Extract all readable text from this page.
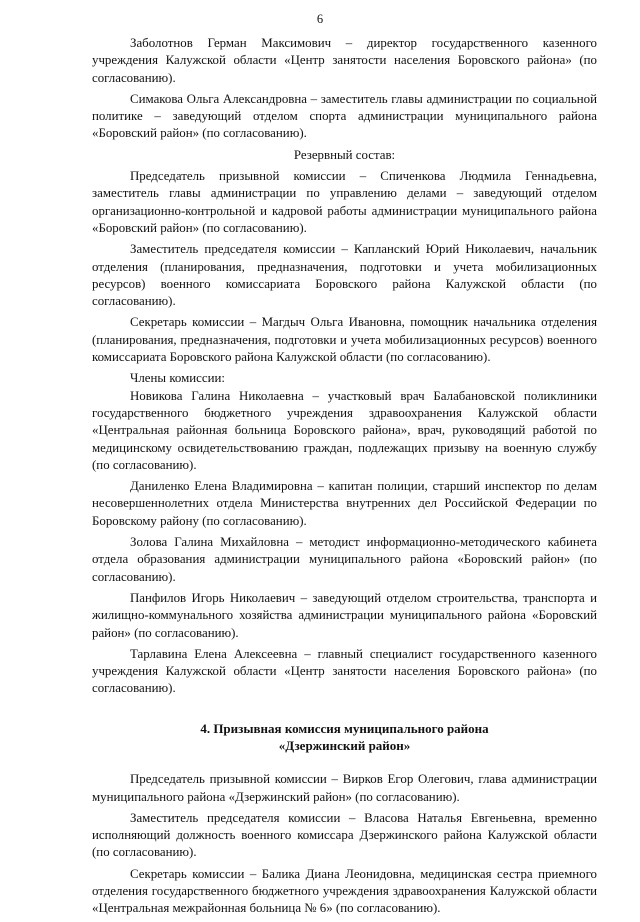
6

Заболотнов Герман Максимович – директор государственного казенного учреждения Калужской области «Центр занятости населения Боровского района» (по согласованию).

Симакова Ольга Александровна – заместитель главы администрации по социальной политике – заведующий отделом спорта администрации муниципального района «Боровский район» (по согласованию).

Резервный состав:

Председатель призывной комиссии – Спиченкова Людмила Геннадьевна, заместитель главы администрации по управлению делами – заведующий отделом организационно-контрольной и кадровой работы администрации муниципального района «Боровский район» (по согласованию).

Заместитель председателя комиссии – Капланский Юрий Николаевич, начальник отделения (планирования, предназначения, подготовки и учета мобилизационных ресурсов) военного комиссариата Боровского района Калужской области (по согласованию).

Секретарь комиссии – Магдыч Ольга Ивановна, помощник начальника отделения (планирования, предназначения, подготовки и учета мобилизационных ресурсов) военного комиссариата Боровского района Калужской области (по согласованию).

Члены комиссии:

Новикова Галина Николаевна – участковый врач Балабановской поликлиники государственного бюджетного учреждения здравоохранения Калужской области «Центральная районная больница Боровского района», врач, руководящий работой по медицинскому освидетельствованию граждан, подлежащих призыву на военную службу (по согласованию).

Даниленко Елена Владимировна – капитан полиции, старший инспектор по делам несовершеннолетних отдела Министерства внутренних дел Российской Федерации по Боровскому району (по согласованию).

Золова Галина Михайловна – методист информационно-методического кабинета отдела образования администрации муниципального района «Боровский район» (по согласованию).

Панфилов Игорь Николаевич – заведующий отделом строительства, транспорта и жилищно-коммунального хозяйства администрации муниципального района «Боровский район» (по согласованию).

Тарлавина Елена Алексеевна – главный специалист государственного казенного учреждения Калужской области «Центр занятости населения Боровского района» (по согласованию).

4. Призывная комиссия муниципального района
«Дзержинский район»

Председатель призывной комиссии – Вирков Егор Олегович, глава администрации муниципального района «Дзержинский район» (по согласованию).

Заместитель председателя комиссии – Власова Наталья Евгеньевна, временно исполняющий должность военного комиссара Дзержинского района Калужской области (по согласованию).

Секретарь комиссии – Балика Диана Леонидовна, медицинская сестра приемного отделения государственного бюджетного учреждения здравоохранения Калужской области «Центральная межрайонная больница № 6» (по согласованию).
